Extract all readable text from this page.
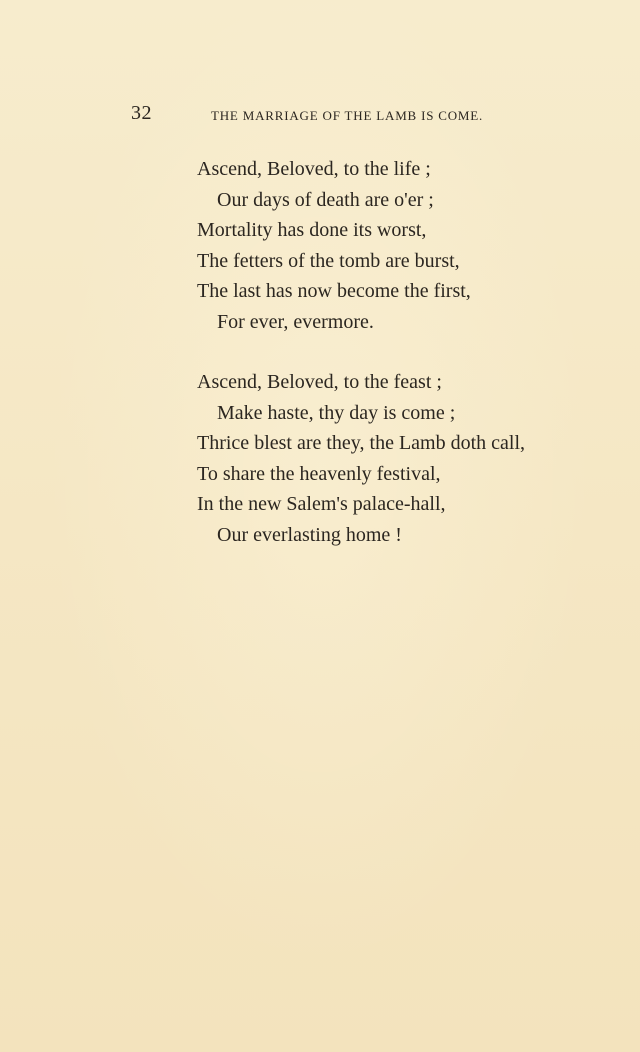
32	THE MARRIAGE OF THE LAMB IS COME.
Ascend, Beloved, to the life ;
Our days of death are o'er ;
Mortality has done its worst,
The fetters of the tomb are burst,
The last has now become the first,
For ever, evermore.
Ascend, Beloved, to the feast ;
Make haste, thy day is come ;
Thrice blest are they, the Lamb doth call,
To share the heavenly festival,
In the new Salem's palace-hall,
Our everlasting home !
